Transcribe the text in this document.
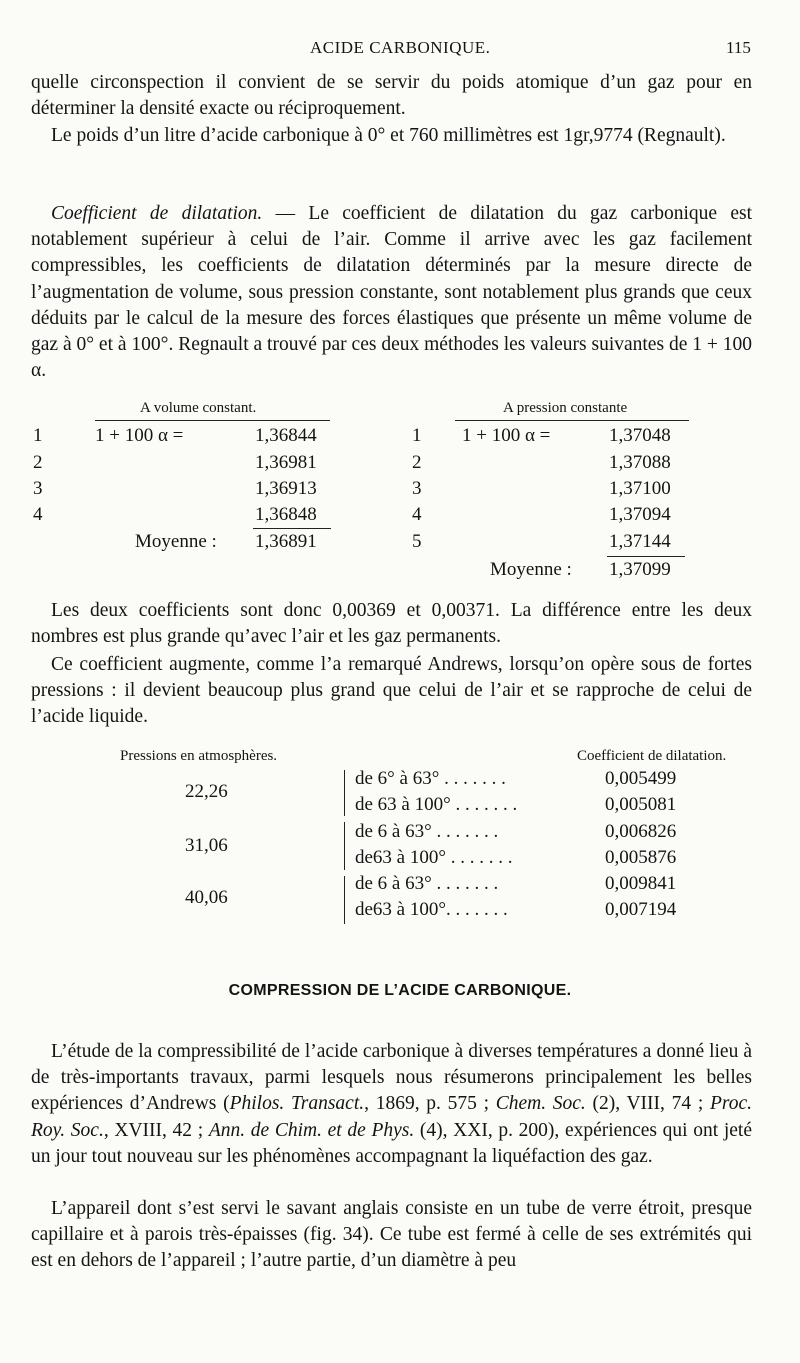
ACIDE CARBONIQUE.	115

quelle circonspection il convient de se servir du poids atomique d’un gaz pour en déterminer la densité exacte ou réciproquement.

Le poids d’un litre d’acide carbonique à 0° et 760 millimètres est 1gr,9774 (Regnault).

Coefficient de dilatation. — Le coefficient de dilatation du gaz carbonique est notablement supérieur à celui de l’air. Comme il arrive avec les gaz facilement compressibles, les coefficients de dilatation déterminés par la mesure directe de l’augmentation de volume, sous pression constante, sont notablement plus grands que ceux déduits par le calcul de la mesure des forces élastiques que présente un même volume de gaz à 0° et à 100°. Regnault a trouvé par ces deux méthodes les valeurs suivantes de 1 + 100 α.

A volume constant.	A pression constante
1	1 + 100 α =	1,36844
2	1,36981
3	1,36913
4	1,36848
Moyenne : 1,36891
1 1 + 100 α =	1,37048
2	1,37088
3	1,37100
4	1,37094
5	1,37144
Moyenne : 1,37099

Les deux coefficients sont donc 0,00369 et 0,00371. La différence entre les deux nombres est plus grande qu’avec l’air et les gaz permanents.

Ce coefficient augmente, comme l’a remarqué Andrews, lorsqu’on opère sous de fortes pressions : il devient beaucoup plus grand que celui de l’air et se rapproche de celui de l’acide liquide.

Pressions en atmosphères.	Coefficient de dilatation.
22,26
de 6° à 63° . . . . . . .	0,005499
de 63 à 100° . . . . . . .	0,005081
31,06
de 6 à 63° . . . . . . .	0,006826
de63 à 100° . . . . . . .	0,005876
40,06
de 6 à 63° . . . . . . .	0,009841
de63 à 100°. . . . . . .	0,007194
COMPRESSION DE L’ACIDE CARBONIQUE.

L’étude de la compressibilité de l’acide carbonique à diverses températures a donné lieu à de très-importants travaux, parmi lesquels nous résumerons principalement les belles expériences d’Andrews (Philos. Transact., 1869, p. 575 ; Chem. Soc. (2), VIII, 74 ; Proc. Roy. Soc., XVIII, 42 ; Ann. de Chim. et de Phys. (4), XXI, p. 200), expériences qui ont jeté un jour tout nouveau sur les phénomènes accompagnant la liquéfaction des gaz.

L’appareil dont s’est servi le savant anglais consiste en un tube de verre étroit, presque capillaire et à parois très-épaisses (fig. 34). Ce tube est fermé à celle de ses extrémités qui est en dehors de l’appareil ; l’autre partie, d’un diamètre à peu
